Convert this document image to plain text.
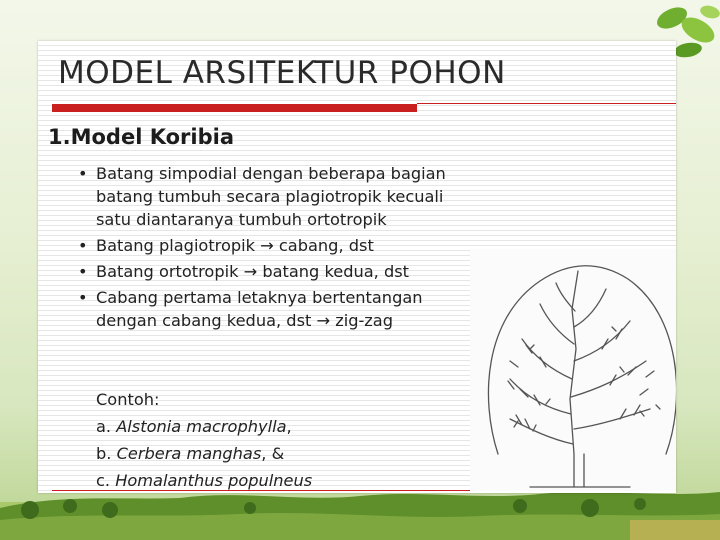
MODEL ARSITEKTUR POHON
1.Model Koribia
• Batang simpodial dengan beberapa bagian batang tumbuh secara plagiotropik kecuali satu diantaranya tumbuh ortotropik
• Batang plagiotropik → cabang, dst
• Batang ortotropik → batang kedua, dst
• Cabang pertama letaknya bertentangan dengan cabang kedua, dst → zig-zag
Contoh:
a. Alstonia macrophylla,
b. Cerbera manghas, &
c. Homalanthus populneus
